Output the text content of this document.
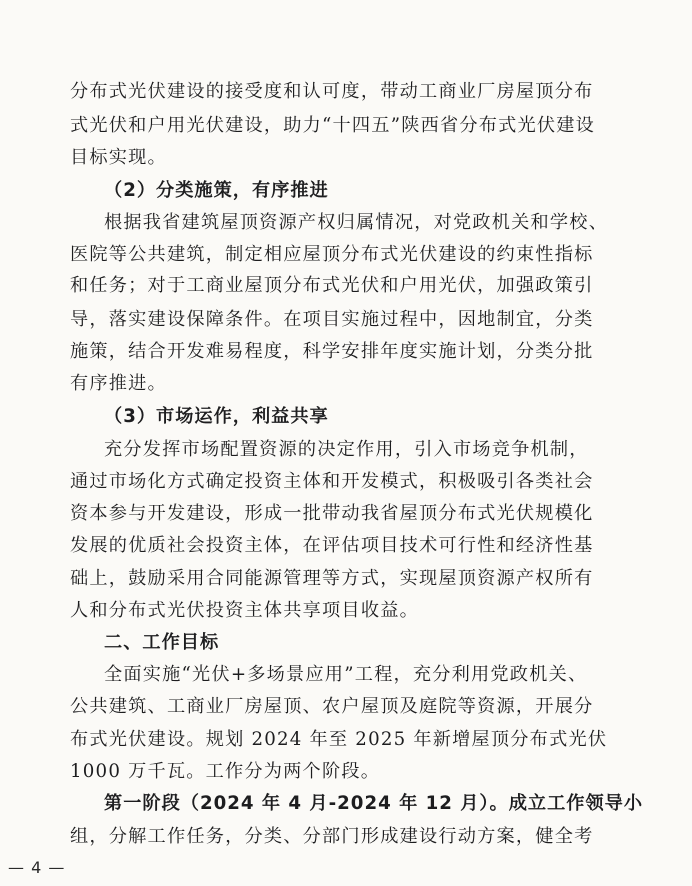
分布式光伏建设的接受度和认可度，带动工商业厂房屋顶分布
式光伏和户用光伏建设，助力“十四五”陕西省分布式光伏建设
目标实现。
（2）分类施策，有序推进
根据我省建筑屋顶资源产权归属情况，对党政机关和学校、
医院等公共建筑，制定相应屋顶分布式光伏建设的约束性指标
和任务；对于工商业屋顶分布式光伏和户用光伏，加强政策引
导，落实建设保障条件。在项目实施过程中，因地制宜，分类
施策，结合开发难易程度，科学安排年度实施计划，分类分批
有序推进。
（3）市场运作，利益共享
充分发挥市场配置资源的决定作用，引入市场竞争机制，
通过市场化方式确定投资主体和开发模式，积极吸引各类社会
资本参与开发建设，形成一批带动我省屋顶分布式光伏规模化
发展的优质社会投资主体，在评估项目技术可行性和经济性基
础上，鼓励采用合同能源管理等方式，实现屋顶资源产权所有
人和分布式光伏投资主体共享项目收益。
二、工作目标
全面实施“光伏+多场景应用”工程，充分利用党政机关、
公共建筑、工商业厂房屋顶、农户屋顶及庭院等资源，开展分
布式光伏建设。规划 2024 年至 2025 年新增屋顶分布式光伏
1000 万千瓦。工作分为两个阶段。
第一阶段（2024 年 4 月-2024 年 12 月）。成立工作领导小
组，分解工作任务，分类、分部门形成建设行动方案，健全考
— 4 —
